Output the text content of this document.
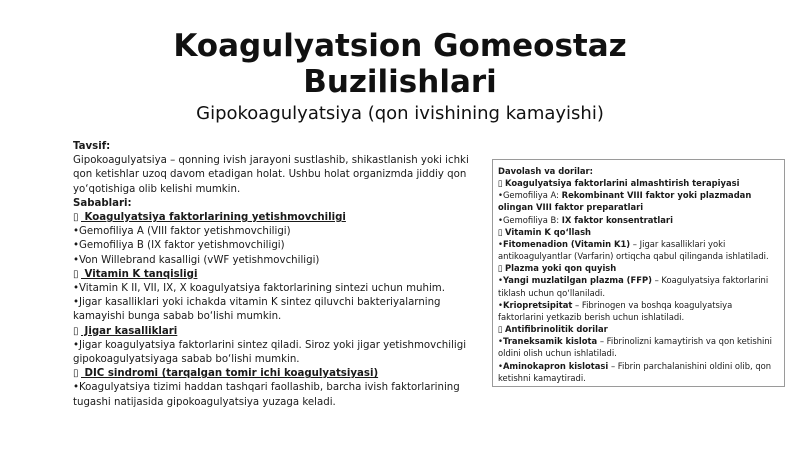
Koagulyatsion Gomeostaz Buzilishlari
Gipokoagulyatsiya (qon ivishining kamayishi)

Tavsif:

Gipokoagulyatsiya – qonning ivish jarayoni sustlashib, shikastlanish yoki ichki qon ketishlar uzoq davom etadigan holat. Ushbu holat organizmda jiddiy qon yo‘qotishiga olib kelishi mumkin.

Sabablari:

▯ Koagulyatsiya faktorlarining yetishmovchiligi

•Gemofiliya A (VIII faktor yetishmovchiligi)

•Gemofiliya B (IX faktor yetishmovchiligi)

•Von Willebrand kasalligi (vWF yetishmovchiligi)

▯ Vitamin K tanqisligi

•Vitamin K II, VII, IX, X koagulyatsiya faktorlarining sintezi uchun muhim.

•Jigar kasalliklari yoki ichakda vitamin K sintez qiluvchi bakteriyalarning kamayishi bunga sabab bo‘lishi mumkin.

▯ Jigar kasalliklari

•Jigar koagulyatsiya faktorlarini sintez qiladi. Siroz yoki jigar yetishmovchiligi gipokoagulyatsiyaga sabab bo‘lishi mumkin.

▯ DIC sindromi (tarqalgan tomir ichi koagulyatsiyasi)

•Koagulyatsiya tizimi haddan tashqari faollashib, barcha ivish faktorlarining tugashi natijasida gipokoagulyatsiya yuzaga keladi.

Davolash va dorilar:

▯ Koagulyatsiya faktorlarini almashtirish terapiyasi

•Gemofiliya A: Rekombinant VIII faktor yoki plazmadan olingan VIII faktor preparatlari

•Gemofiliya B: IX faktor konsentratlari

▯ Vitamin K qo‘llash

•Fitomenadion (Vitamin K1) – Jigar kasalliklari yoki antikoagulyantlar (Varfarin) ortiqcha qabul qilinganda ishlatiladi.

▯ Plazma yoki qon quyish

•Yangi muzlatilgan plazma (FFP) – Koagulyatsiya faktorlarini tiklash uchun qo‘llaniladi.

•Kriopretsipitat – Fibrinogen va boshqa koagulyatsiya faktorlarini yetkazib berish uchun ishlatiladi.

▯ Antifibrinolitik dorilar

•Traneksamik kislota – Fibrinolizni kamaytirish va qon ketishini oldini olish uchun ishlatiladi.

•Aminokapron kislotasi – Fibrin parchalanishini oldini olib, qon ketishni kamaytiradi.
